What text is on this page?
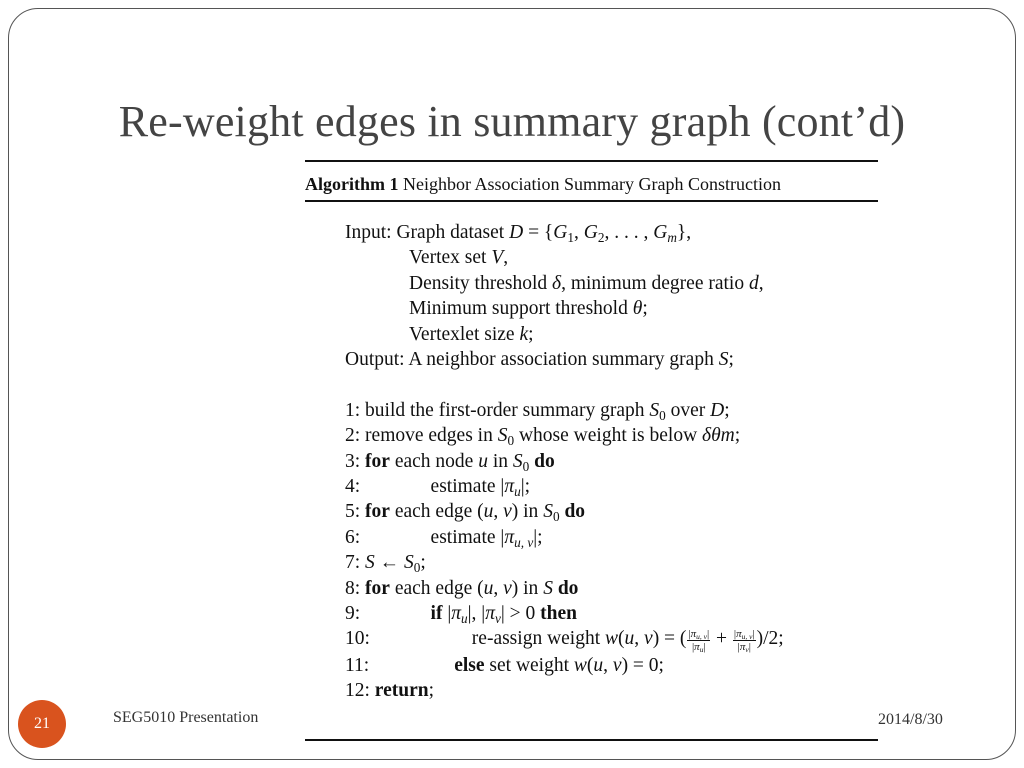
Re-weight edges in summary graph (cont’d)
Algorithm 1 Neighbor Association Summary Graph Construction
Input: Graph dataset $D = \{G_1$, $G_2$, . . . , $G_m$},
Vertex set V,
Density threshold δ, minimum degree ratio d,
Minimum support threshold θ;
Vertexlet size k;
Output: A neighbor association summary graph S;
1: build the first-order summary graph $S_0$ over D;
2: remove edges in $S_0$ whose weight is below δθm;
3: for each node u in $S_0$ do
4:     estimate $|\pi_u|$;
5: for each edge (u, v) in $S_0$ do
6:     estimate $|\pi_{u, v}|$;
7: S ← $S_0$;
8: for each edge (u, v) in S do
9:	if $|\pi_u|$, $|\pi_v| > 0$ then
10:	re-assign weight w(u, v) = ( $\frac{|\pi_{u, v}|}{|\pi_u|} + \frac{|\pi_{u, v}|}{|\pi_v|} )/2$;
11:	else set weight w(u, v) = 0;
12: return;
21	SEG5010 Presentation	2014/8/30
